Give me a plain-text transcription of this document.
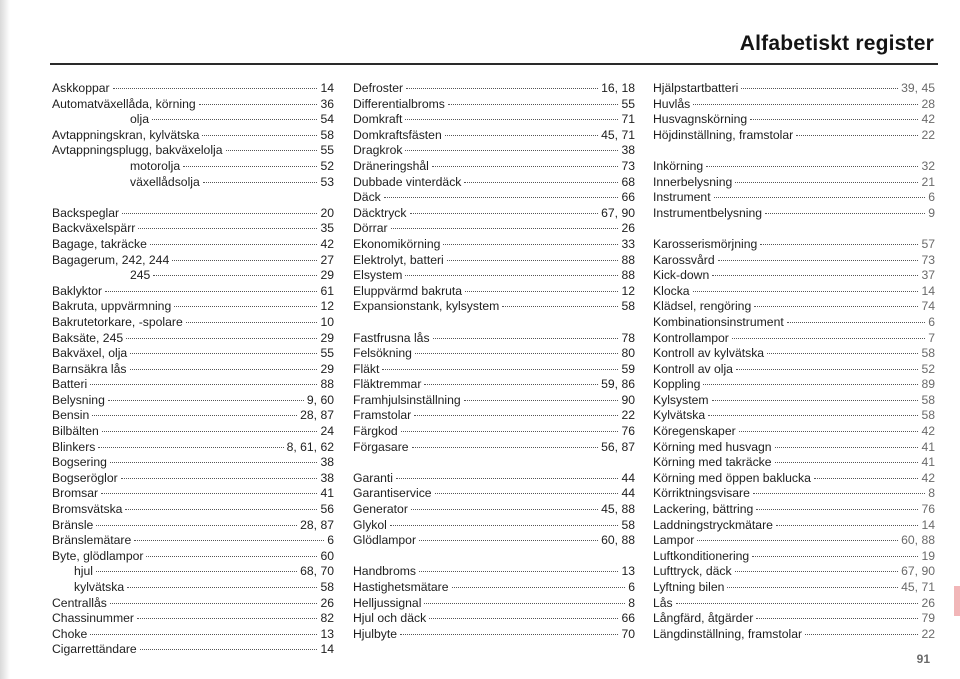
Alfabetiskt register
Askkoppar	14
Automatväxellåda, körning	36
olja	54
Avtappningskran, kylvätska	58
Avtappningsplugg, bakväxelolja	55
motorolja	52
växellådsolja	53
Backspeglar	20
Backväxelspärr	35
Bagage, takräcke	42
Bagagerum, 242, 244	27
245	29
Baklyktor	61
Bakruta, uppvärmning	12
Bakrutetorkare, -spolare	10
Baksäte, 245	29
Bakväxel, olja	55
Barnsäkra lås	29
Batteri	88
Belysning	9, 60
Bensin	28, 87
Bilbälten	24
Blinkers	8, 61, 62
Bogsering	38
Bogseröglor	38
Bromsar	41
Bromsvätska	56
Bränsle	28, 87
Bränslemätare	6
Byte, glödlampor	60
hjul	68, 70
kylvätska	58
Centrallås	26
Chassinummer	82
Choke	13
Cigarrettändare	14
Defroster	16, 18
Differentialbroms	55
Domkraft	71
Domkraftsfästen	45, 71
Dragkrok	38
Dräneringshål	73
Dubbade vinterdäck	68
Däck	66
Däcktryck	67, 90
Dörrar	26
Ekonomikörning	33
Elektrolyt, batteri	88
Elsystem	88
Eluppvärmd bakruta	12
Expansionstank, kylsystem	58
Fastfrusna lås	78
Felsökning	80
Fläkt	59
Fläktremmar	59, 86
Framhjulsinställning	90
Framstolar	22
Färgkod	76
Förgasare	56, 87
Garanti	44
Garantiservice	44
Generator	45, 88
Glykol	58
Glödlampor	60, 88
Handbroms	13
Hastighetsmätare	6
Helljussignal	8
Hjul och däck	66
Hjulbyte	70
Hjälpstartbatteri	39, 45
Huvlås	28
Husvagnskörning	42
Höjdinställning, framstolar	22
Inkörning	32
Innerbelysning	21
Instrument	6
Instrumentbelysning	9
Karosserismörjning	57
Karossvård	73
Kick-down	37
Klocka	14
Klädsel, rengöring	74
Kombinationsinstrument	6
Kontrollampor	7
Kontroll av kylvätska	58
Kontroll av olja	52
Koppling	89
Kylsystem	58
Kylvätska	58
Köregenskaper	42
Körning med husvagn	41
Körning med takräcke	41
Körning med öppen baklucka	42
Körriktningsvisare	8
Lackering, bättring	76
Laddningstryckmätare	14
Lampor	60, 88
Luftkonditionering	19
Lufttryck, däck	67, 90
Lyftning bilen	45, 71
Lås	26
Långfärd, åtgärder	79
Längdinställning, framstolar	22
91
